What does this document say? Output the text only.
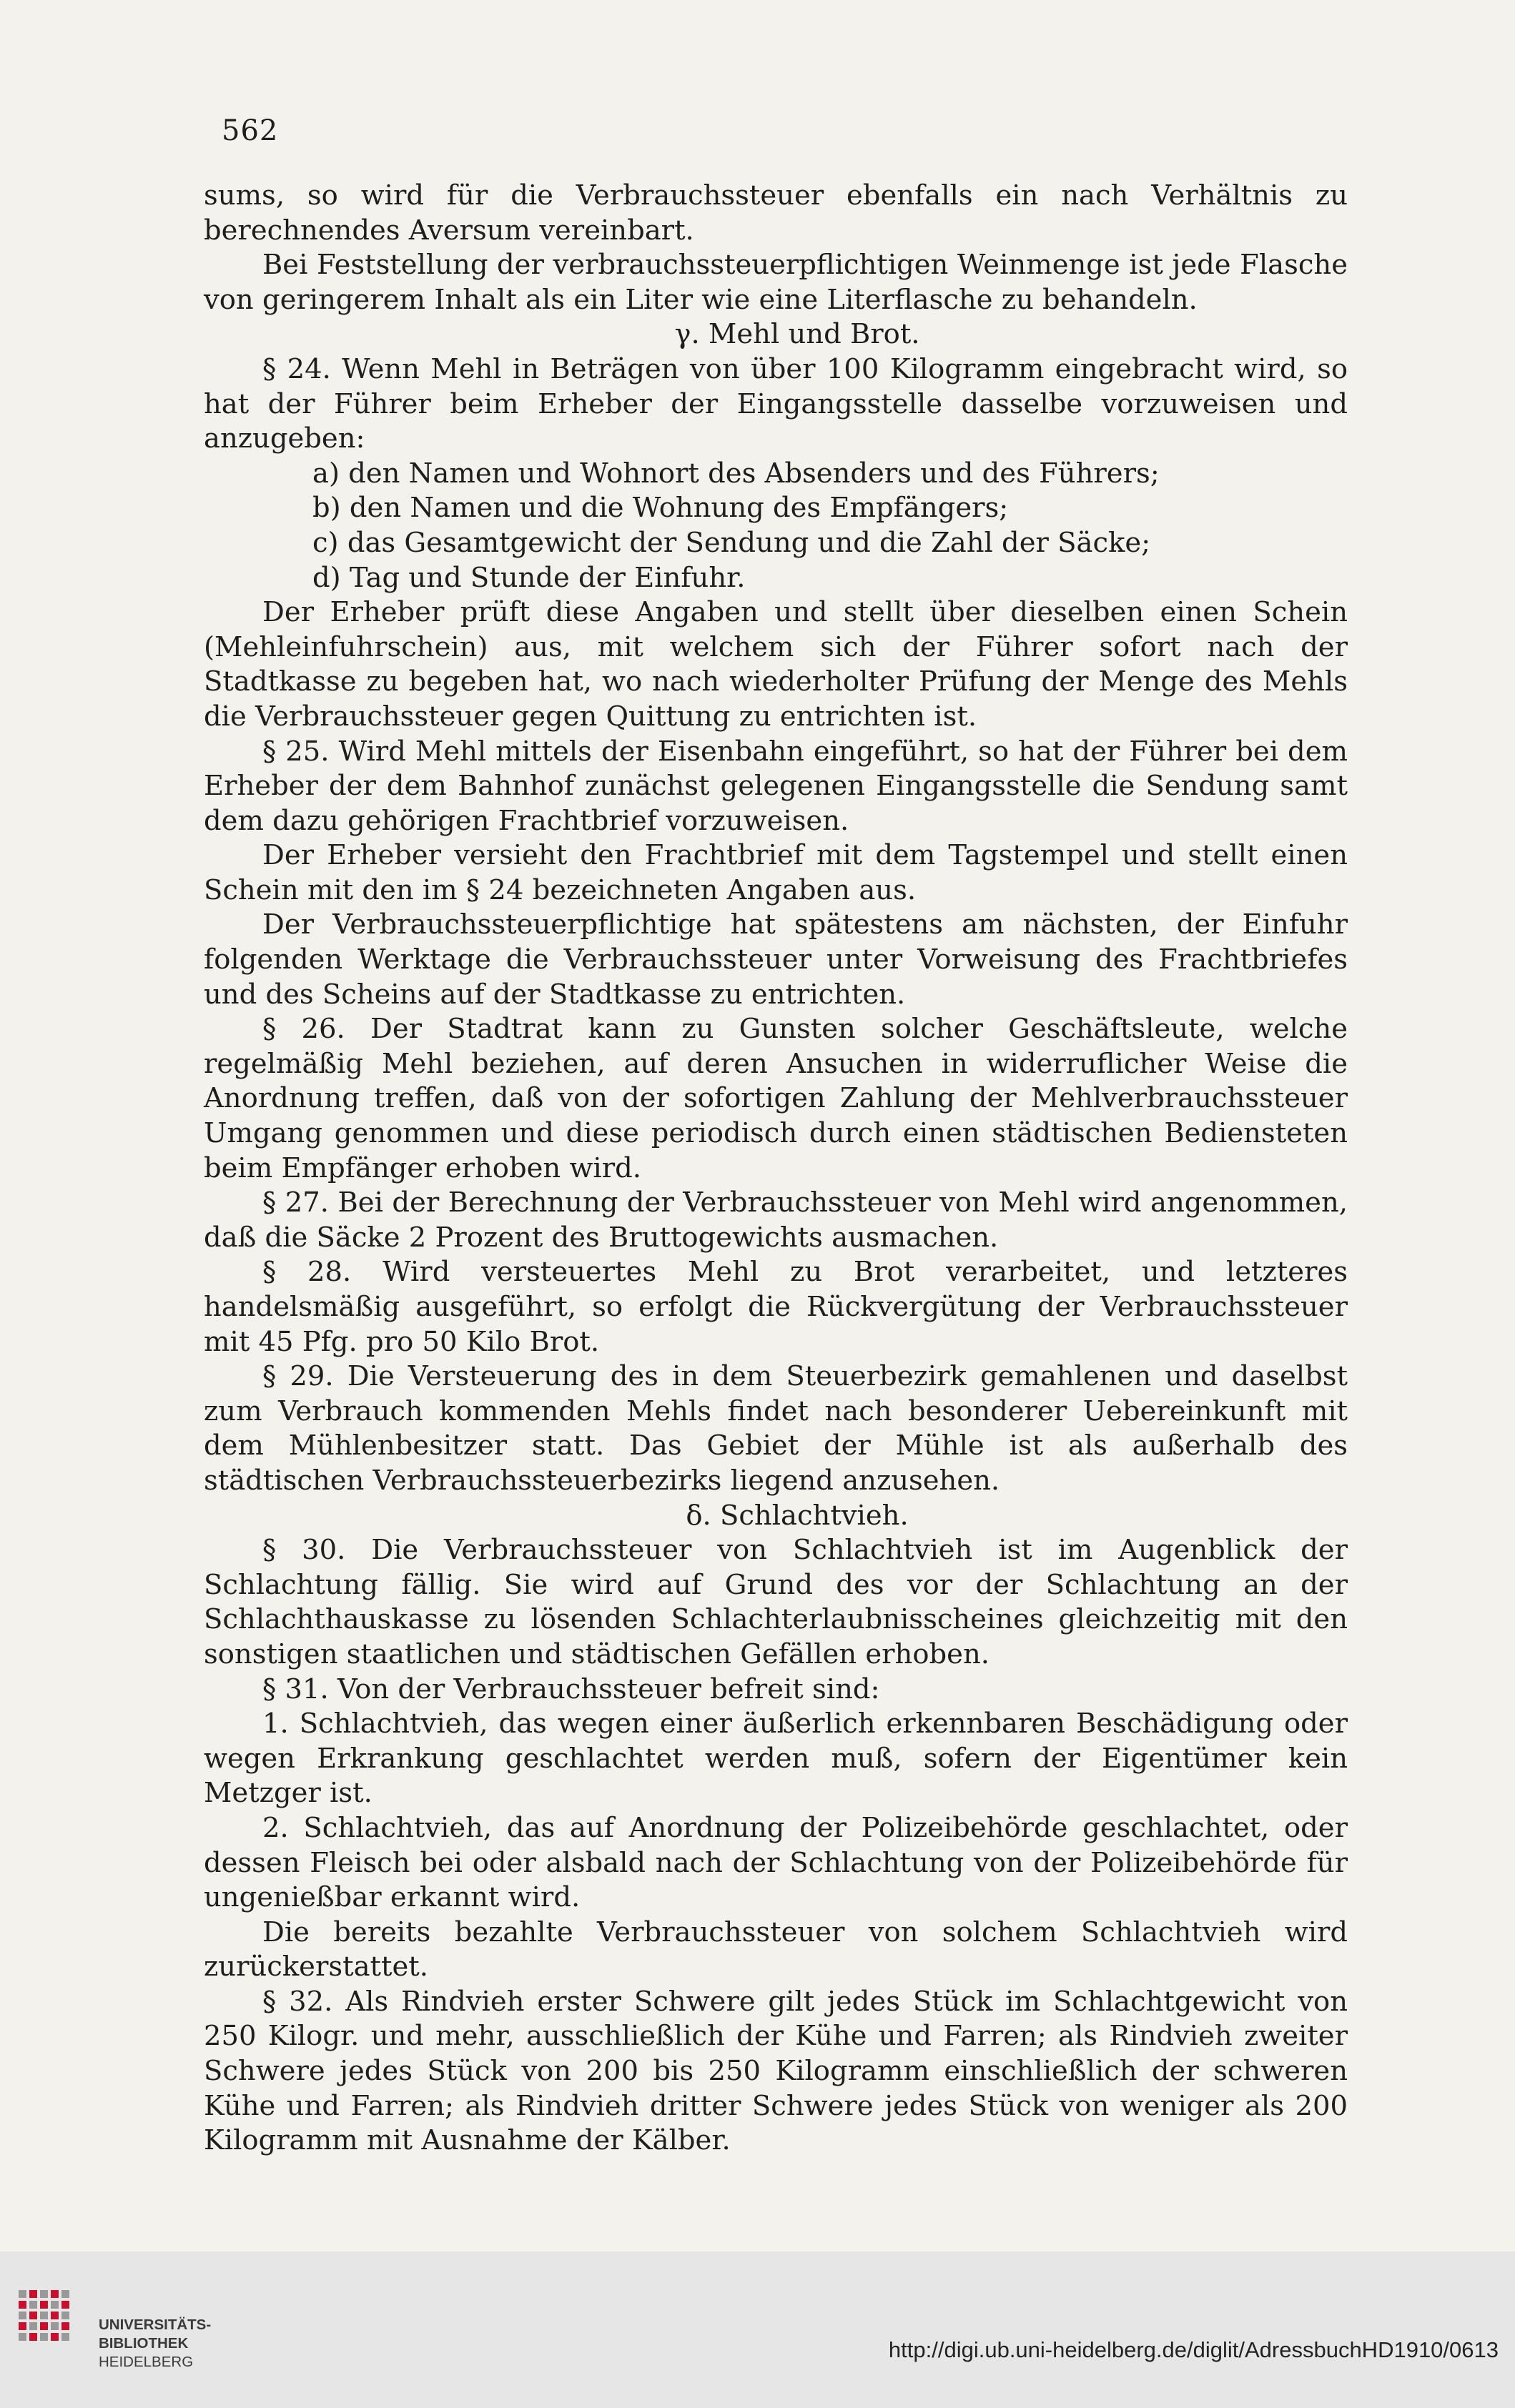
562

sums, so wird für die Verbrauchssteuer ebenfalls ein nach Verhältnis zu berechnendes Aversum vereinbart.

Bei Feststellung der verbrauchssteuerpflichtigen Weinmenge ist jede Flasche von geringerem Inhalt als ein Liter wie eine Literflasche zu behandeln.

γ. Mehl und Brot.

§ 24. Wenn Mehl in Beträgen von über 100 Kilogramm eingebracht wird, so hat der Führer beim Erheber der Eingangsstelle dasselbe vorzuweisen und anzugeben:

a) den Namen und Wohnort des Absenders und des Führers;

b) den Namen und die Wohnung des Empfängers;

c) das Gesamtgewicht der Sendung und die Zahl der Säcke;

d) Tag und Stunde der Einfuhr.

Der Erheber prüft diese Angaben und stellt über dieselben einen Schein (Mehleinfuhrschein) aus, mit welchem sich der Führer sofort nach der Stadtkasse zu begeben hat, wo nach wiederholter Prüfung der Menge des Mehls die Verbrauchssteuer gegen Quittung zu entrichten ist.

§ 25. Wird Mehl mittels der Eisenbahn eingeführt, so hat der Führer bei dem Erheber der dem Bahnhof zunächst gelegenen Eingangsstelle die Sendung samt dem dazu gehörigen Frachtbrief vorzuweisen.

Der Erheber versieht den Frachtbrief mit dem Tagstempel und stellt einen Schein mit den im § 24 bezeichneten Angaben aus.

Der Verbrauchssteuerpflichtige hat spätestens am nächsten, der Einfuhr folgenden Werktage die Verbrauchssteuer unter Vorweisung des Frachtbriefes und des Scheins auf der Stadtkasse zu entrichten.

§ 26. Der Stadtrat kann zu Gunsten solcher Geschäftsleute, welche regelmäßig Mehl beziehen, auf deren Ansuchen in widerruflicher Weise die Anordnung treffen, daß von der sofortigen Zahlung der Mehlverbrauchssteuer Umgang genommen und diese periodisch durch einen städtischen Bediensteten beim Empfänger erhoben wird.

§ 27. Bei der Berechnung der Verbrauchssteuer von Mehl wird angenommen, daß die Säcke 2 Prozent des Bruttogewichts ausmachen.

§ 28. Wird versteuertes Mehl zu Brot verarbeitet, und letzteres handelsmäßig ausgeführt, so erfolgt die Rückvergütung der Verbrauchssteuer mit 45 Pfg. pro 50 Kilo Brot.

§ 29. Die Versteuerung des in dem Steuerbezirk gemahlenen und daselbst zum Verbrauch kommenden Mehls findet nach besonderer Uebereinkunft mit dem Mühlenbesitzer statt. Das Gebiet der Mühle ist als außerhalb des städtischen Verbrauchssteuerbezirks liegend anzusehen.

δ. Schlachtvieh.

§ 30. Die Verbrauchssteuer von Schlachtvieh ist im Augenblick der Schlachtung fällig. Sie wird auf Grund des vor der Schlachtung an der Schlachthauskasse zu lösenden Schlachterlaubnisscheines gleichzeitig mit den sonstigen staatlichen und städtischen Gefällen erhoben.

§ 31. Von der Verbrauchssteuer befreit sind:

1. Schlachtvieh, das wegen einer äußerlich erkennbaren Beschädigung oder wegen Erkrankung geschlachtet werden muß, sofern der Eigentümer kein Metzger ist.

2. Schlachtvieh, das auf Anordnung der Polizeibehörde geschlachtet, oder dessen Fleisch bei oder alsbald nach der Schlachtung von der Polizeibehörde für ungenießbar erkannt wird.

Die bereits bezahlte Verbrauchssteuer von solchem Schlachtvieh wird zurückerstattet.

§ 32. Als Rindvieh erster Schwere gilt jedes Stück im Schlachtgewicht von 250 Kilogr. und mehr, ausschließlich der Kühe und Farren; als Rindvieh zweiter Schwere jedes Stück von 200 bis 250 Kilogramm einschließlich der schweren Kühe und Farren; als Rindvieh dritter Schwere jedes Stück von weniger als 200 Kilogramm mit Ausnahme der Kälber.

UNIVERSITÄTS-
BIBLIOTHEK
HEIDELBERG	http://digi.ub.uni-heidelberg.de/diglit/AdressbuchHD1910/0613
